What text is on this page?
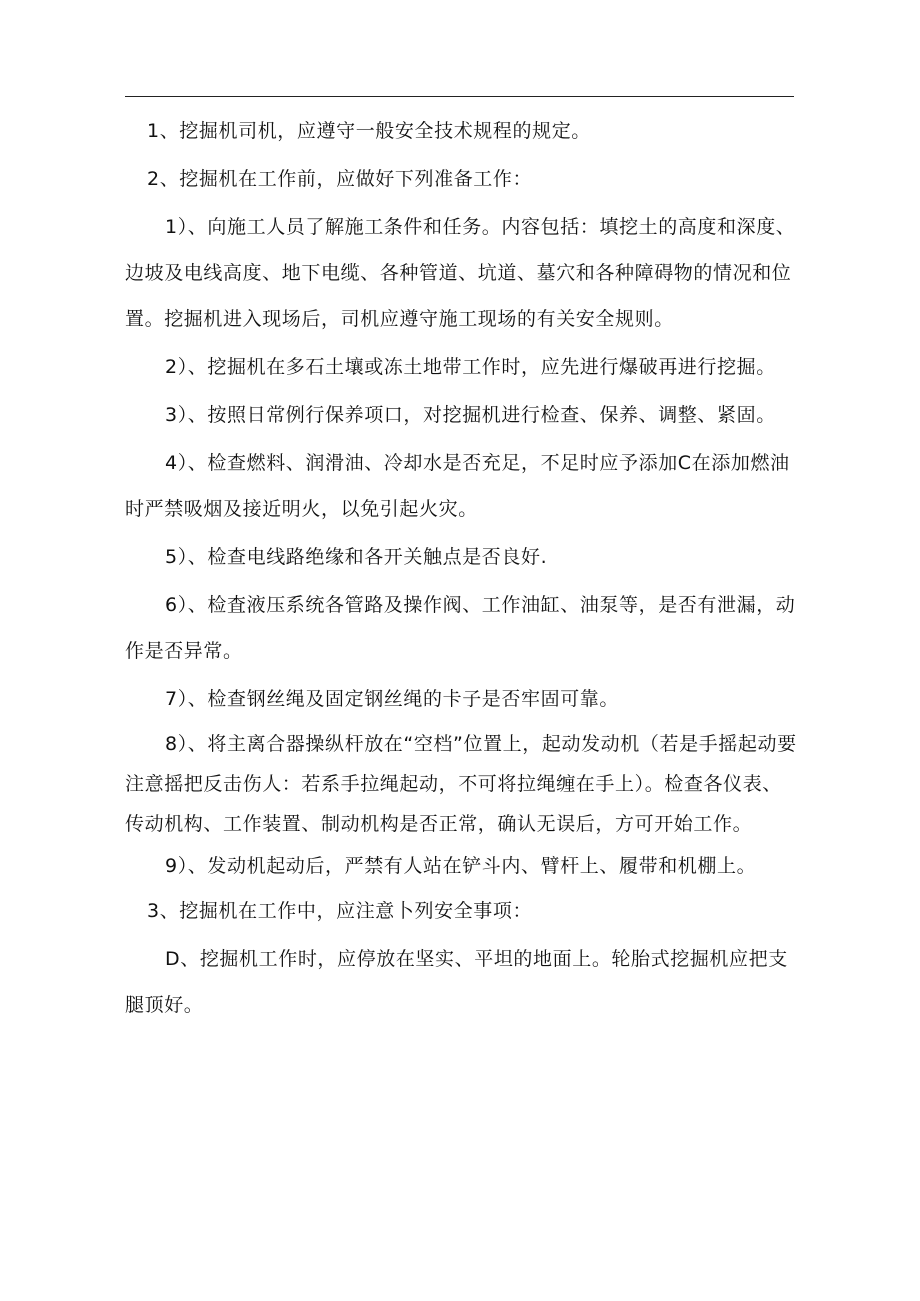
1、挖掘机司机，应遵守一般安全技术规程的规定。

2、挖掘机在工作前，应做好下列准备工作：

1）、向施工人员了解施工条件和任务。内容包括：填挖土的高度和深度、边坡及电线高度、地下电缆、各种管道、坑道、墓穴和各种障碍物的情况和位置。挖掘机进入现场后，司机应遵守施工现场的有关安全规则。

2）、挖掘机在多石土壤或冻土地带工作时，应先进行爆破再进行挖掘。

3）、按照日常例行保养项口，对挖掘机进行检查、保养、调整、紧固。

4）、检查燃料、润滑油、冷却水是否充足，不足时应予添加C在添加燃油时严禁吸烟及接近明火，以免引起火灾。

5）、检查电线路绝缘和各开关触点是否良好.

6）、检査液压系统各管路及操作阀、工作油缸、油泵等，是否有泄漏，动作是否异常。

7）、检查钢丝绳及固定钢丝绳的卡子是否牢固可靠。

8）、将主离合器操纵杆放在“空档”位置上，起动发动机（若是手摇起动要注意摇把反击伤人：若系手拉绳起动，不可将拉绳缠在手上）。检查各仪表、传动机构、工作装置、制动机构是否正常，确认无误后，方可开始工作。

9）、发动机起动后，严禁有人站在铲斗内、臂杆上、履带和机棚上。

3、挖掘机在工作中，应注意卜列安全事项：

D、挖掘机工作时，应停放在坚实、平坦的地面上。轮胎式挖掘机应把支腿顶好。
